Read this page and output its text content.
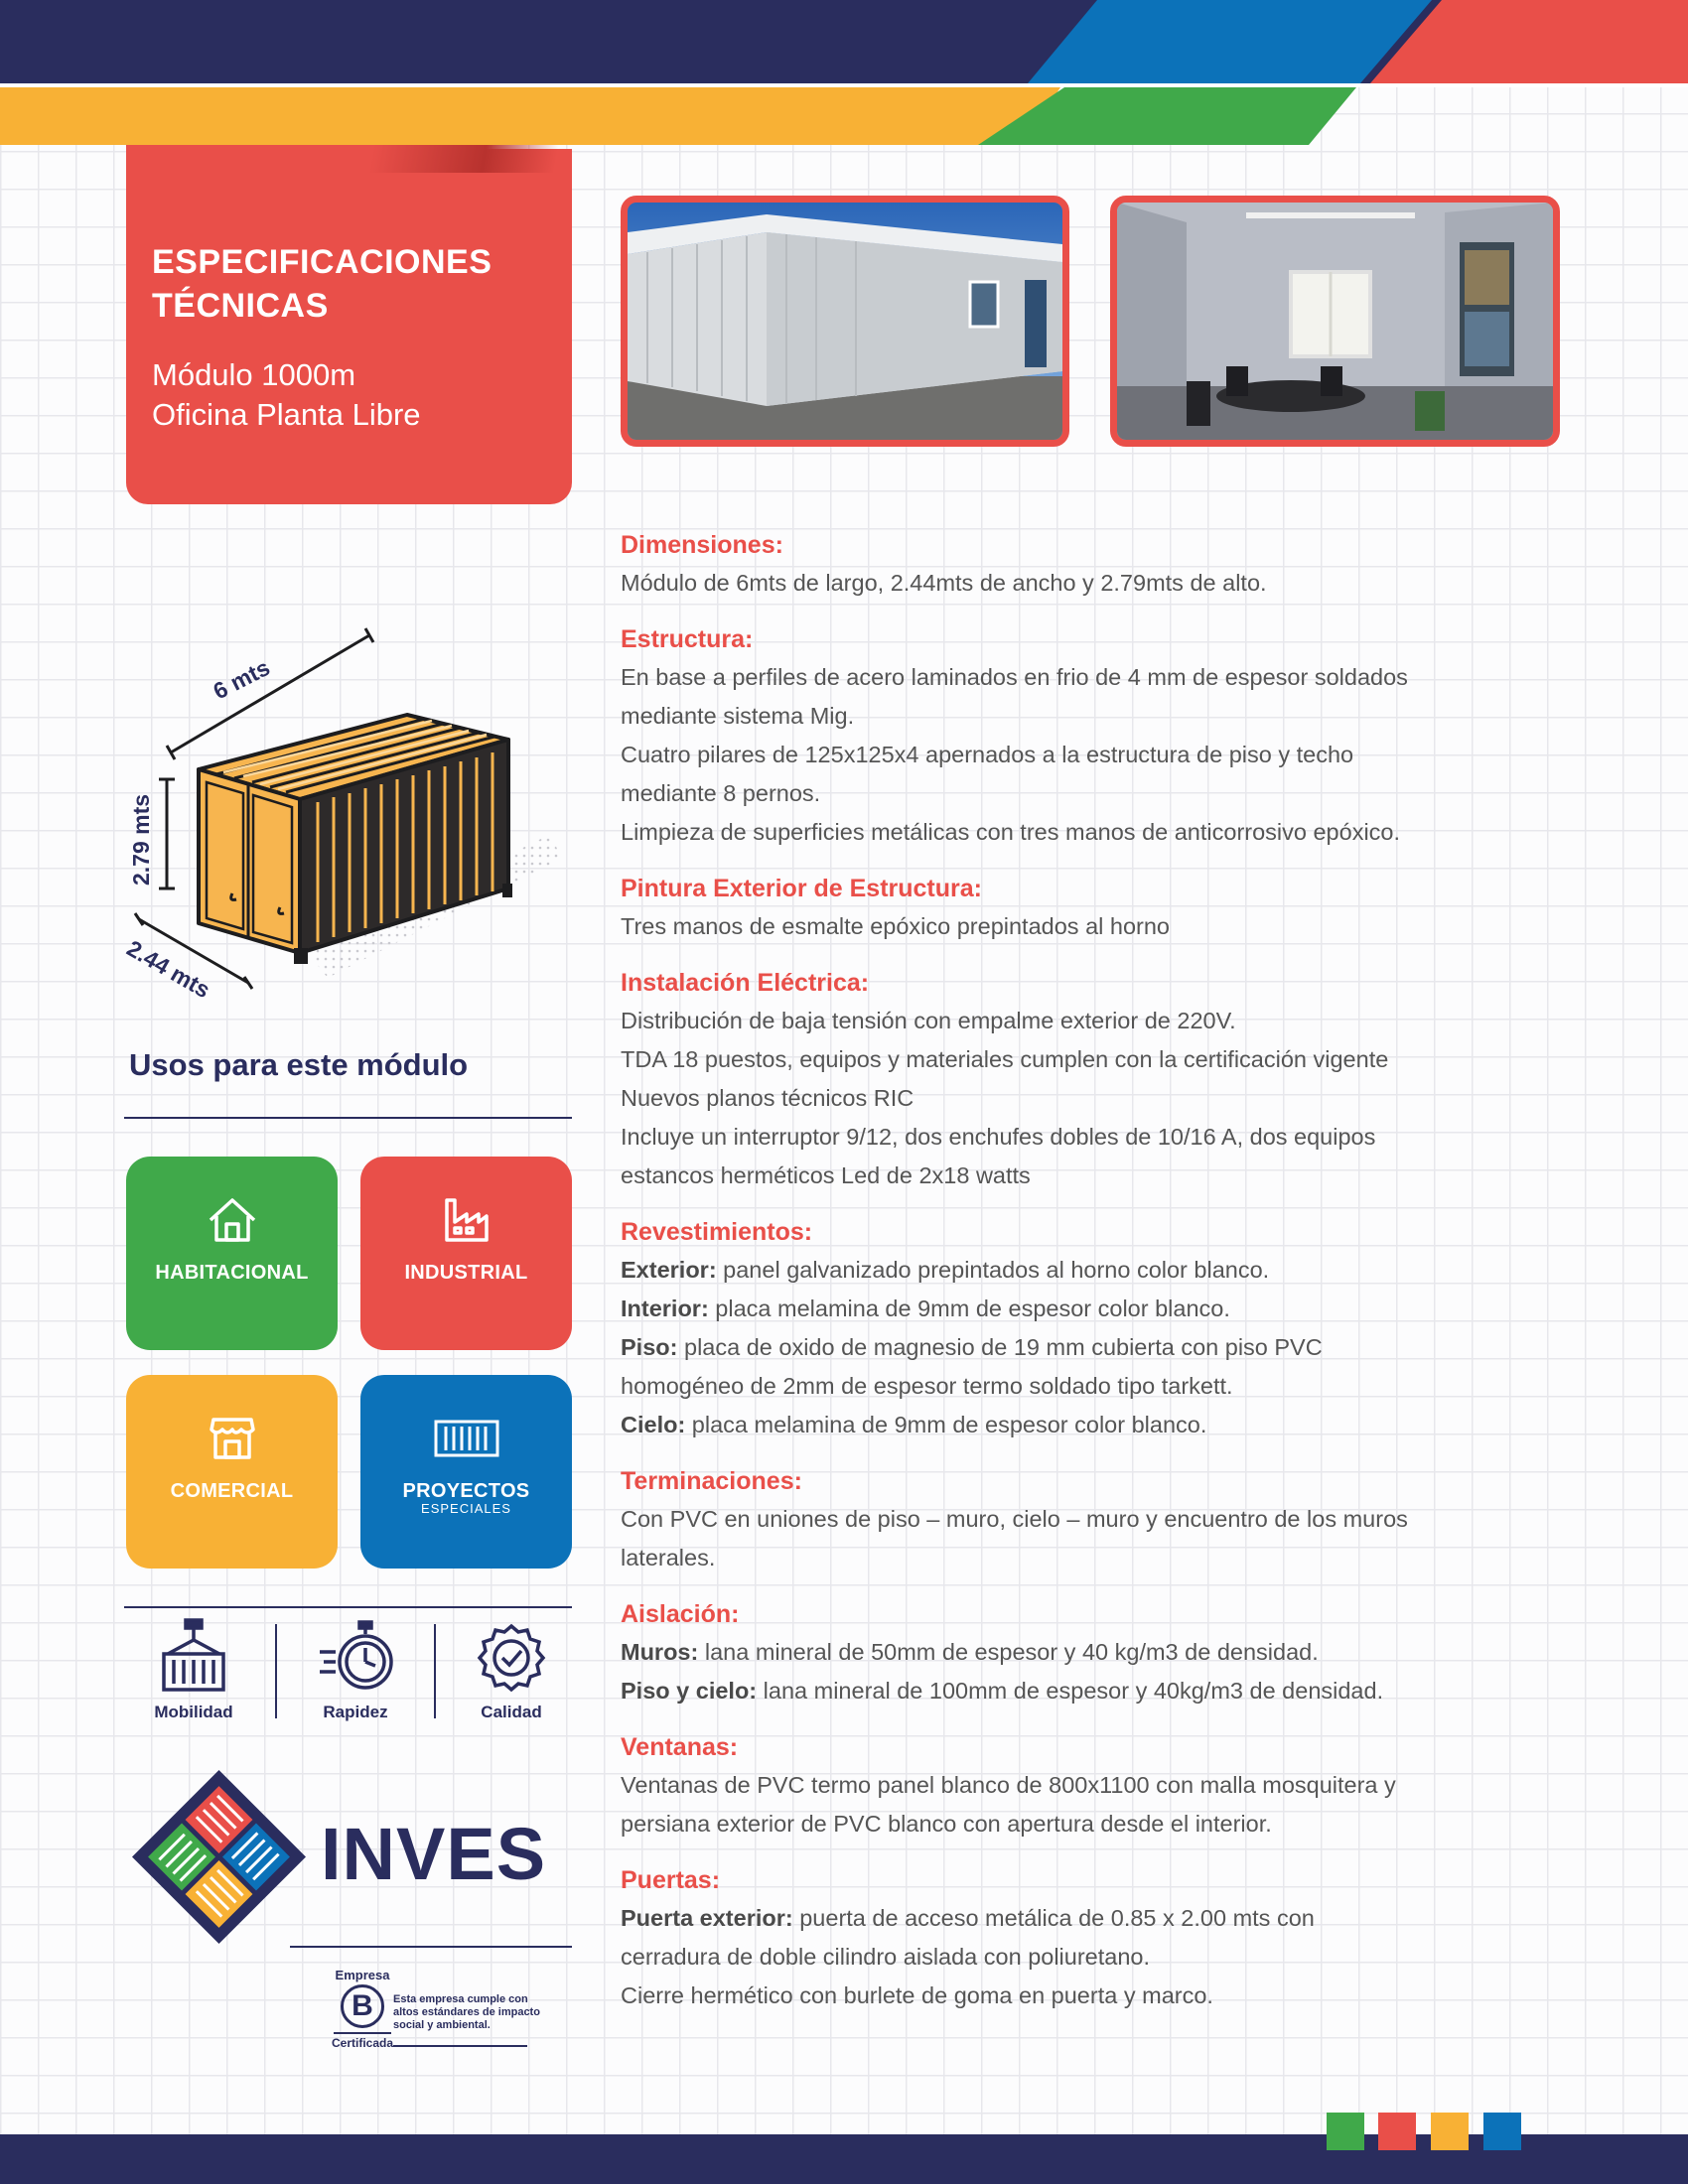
ESPECIFICACIONES
TÉCNICAS
Módulo 1000m
Oficina Planta Libre
6 mts
2.79 mts
2.44 mts
Usos para este módulo
HABITACIONAL	INDUSTRIAL
COMERCIAL	PROYECTOS
ESPECIALES
Mobilidad	Rapidez	Calidad
INVES
Empresa
B
Certificada
Esta empresa cumple con
altos estándares de impacto
social y ambiental.
Dimensiones:
Módulo de 6mts de largo, 2.44mts de ancho y 2.79mts de alto.
Estructura:
En base a perfiles de acero laminados en frio de 4 mm de espesor soldados
mediante sistema Mig.
Cuatro pilares de 125x125x4 apernados a la estructura de piso y techo
mediante 8 pernos.
Limpieza de superficies metálicas con tres manos de anticorrosivo epóxico.
Pintura Exterior de Estructura:
Tres manos de esmalte epóxico prepintados al horno
Instalación Eléctrica:
Distribución de baja tensión con empalme exterior de 220V.
TDA 18 puestos, equipos y materiales cumplen con la certificación vigente
Nuevos planos técnicos RIC
Incluye un interruptor 9/12, dos enchufes dobles de 10/16 A, dos equipos
estancos herméticos Led de 2x18 watts
Revestimientos:
Exterior: panel galvanizado prepintados al horno color blanco.
Interior: placa melamina de 9mm de espesor color blanco.
Piso: placa de oxido de magnesio de 19 mm cubierta con piso PVC
homogéneo de 2mm de espesor termo soldado tipo tarkett.
Cielo: placa melamina de 9mm de espesor color blanco.
Terminaciones:
Con PVC en uniones de piso – muro, cielo – muro y encuentro de los muros
laterales.
Aislación:
Muros: lana mineral de 50mm de espesor y 40 kg/m3 de densidad.
Piso y cielo: lana mineral de 100mm de espesor y 40kg/m3 de densidad.
Ventanas:
Ventanas de PVC termo panel blanco de 800x1100 con malla mosquitera y
persiana exterior de PVC blanco con apertura desde el interior.
Puertas:
Puerta exterior: puerta de acceso metálica de 0.85 x 2.00 mts con
cerradura de doble cilindro aislada con poliuretano.
Cierre hermético con burlete de goma en puerta y marco.
